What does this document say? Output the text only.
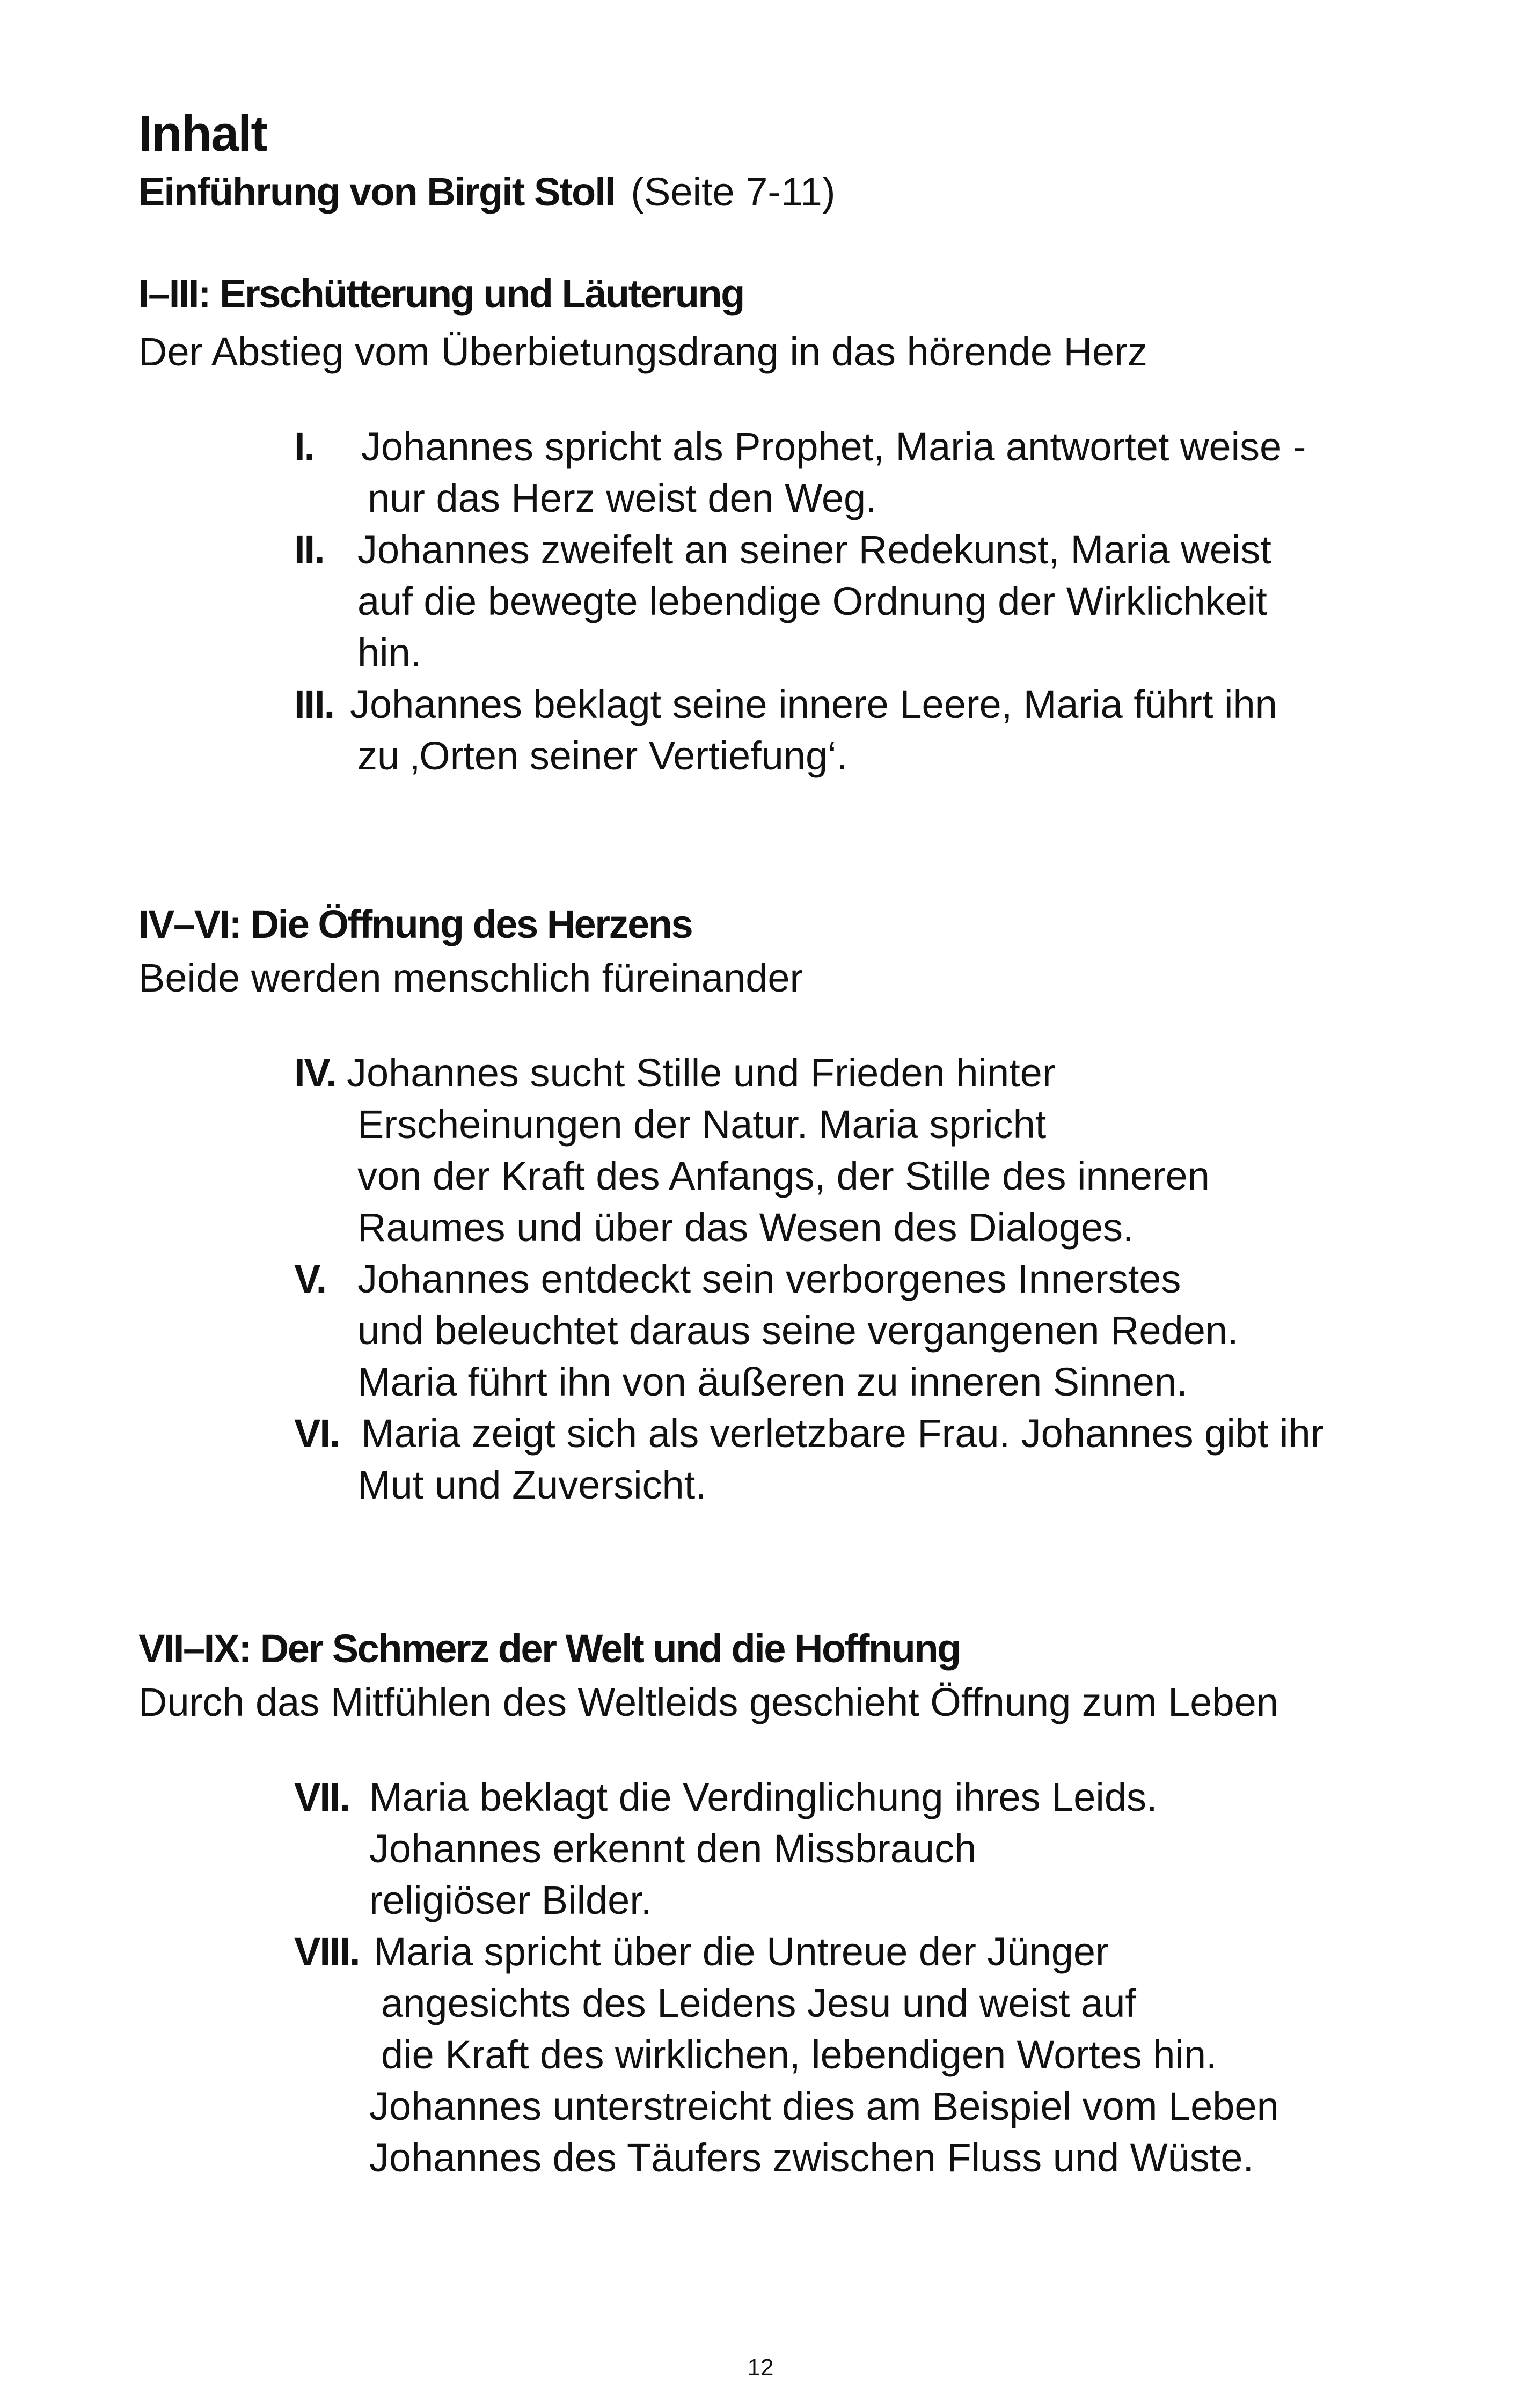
Inhalt
Einführung von Birgit Stoll (Seite 7-11)
I–III: Erschütterung und Läuterung
Der Abstieg vom Überbietungsdrang in das hörende Herz
I. Johannes spricht als Prophet, Maria antwortet weise -
nur das Herz weist den Weg.
II. Johannes zweifelt an seiner Redekunst, Maria weist
auf die bewegte lebendige Ordnung der Wirklichkeit
hin.
III. Johannes beklagt seine innere Leere, Maria führt ihn
zu ‚Orten seiner Vertiefung‘.
IV–VI: Die Öffnung des Herzens
Beide werden menschlich füreinander
IV. Johannes sucht Stille und Frieden hinter
Erscheinungen der Natur. Maria spricht
von der Kraft des Anfangs, der Stille des inneren
Raumes und über das Wesen des Dialoges.
V. Johannes entdeckt sein verborgenes Innerstes
und beleuchtet daraus seine vergangenen Reden.
Maria führt ihn von äußeren zu inneren Sinnen.
VI. Maria zeigt sich als verletzbare Frau. Johannes gibt ihr
Mut und Zuversicht.
VII–IX: Der Schmerz der Welt und die Hoffnung
Durch das Mitfühlen des Weltleids geschieht Öffnung zum Leben
VII. Maria beklagt die Verdinglichung ihres Leids.
Johannes erkennt den Missbrauch
religiöser Bilder.
VIII. Maria spricht über die Untreue der Jünger
angesichts des Leidens Jesu und weist auf
die Kraft des wirklichen, lebendigen Wortes hin.
Johannes unterstreicht dies am Beispiel vom Leben
Johannes des Täufers zwischen Fluss und Wüste.
12
